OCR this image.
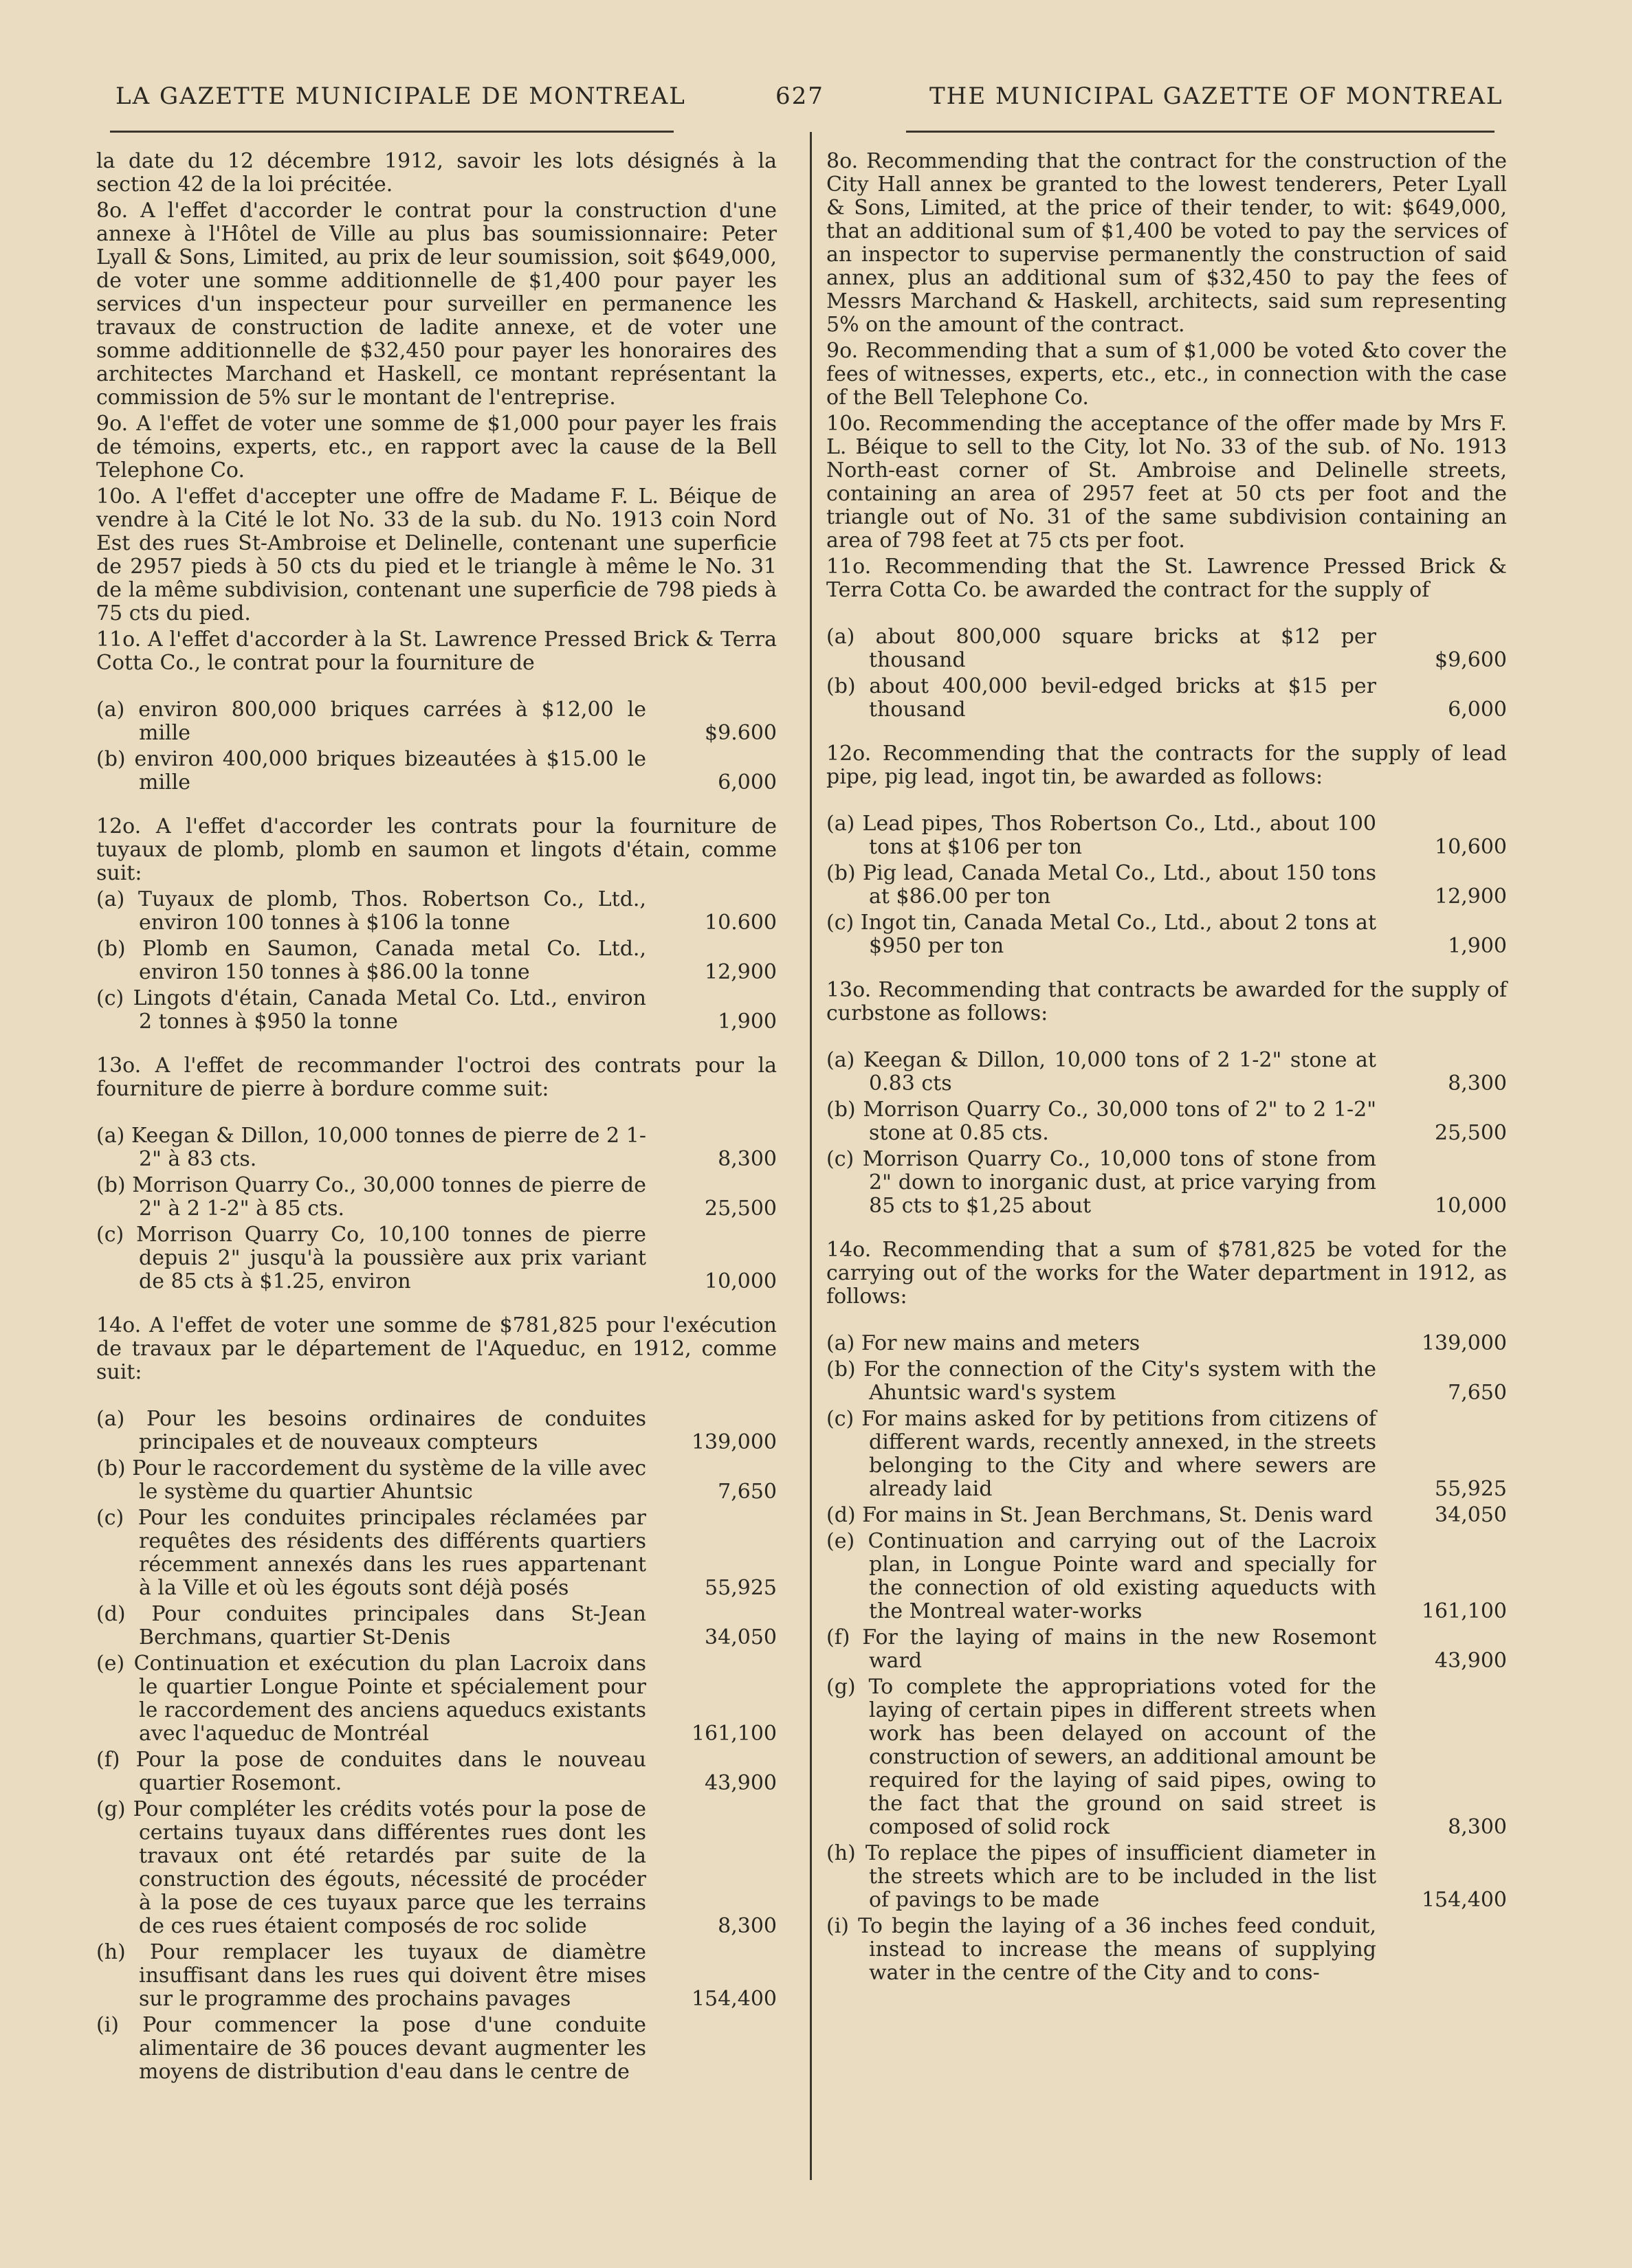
LA GAZETTE MUNICIPALE DE MONTREAL	627	THE MUNICIPAL GAZETTE OF MONTREAL

la date du 12 décembre 1912, savoir les lots désignés à la section 42 de la loi précitée.

8o. A l'effet d'accorder le contrat pour la construction d'une annexe à l'Hôtel de Ville au plus bas soumissionnaire: Peter Lyall & Sons, Limited, au prix de leur soumission, soit $649,000, de voter une somme additionnelle de $1,400 pour payer les services d'un inspecteur pour surveiller en permanence les travaux de construction de ladite annexe, et de voter une somme additionnelle de $32,450 pour payer les honoraires des architectes Marchand et Haskell, ce montant représentant la commission de 5% sur le montant de l'entreprise.

9o. A l'effet de voter une somme de $1,000 pour payer les frais de témoins, experts, etc., en rapport avec la cause de la Bell Telephone Co.

10o. A l'effet d'accepter une offre de Madame F. L. Béique de vendre à la Cité le lot No. 33 de la sub. du No. 1913 coin Nord Est des rues St-Ambroise et Delinelle, contenant une superficie de 2957 pieds à 50 cts du pied et le triangle à même le No. 31 de la même subdivision, contenant une superficie de 798 pieds à 75 cts du pied.

11o. A l'effet d'accorder à la St. Lawrence Pressed Brick & Terra Cotta Co., le contrat pour la fourniture de

(a) environ 800,000 briques carrées à $12,00 le mille	$9.600
(b) environ 400,000 briques bizeautées à $15.00 le mille	6,000

12o. A l'effet d'accorder les contrats pour la fourniture de tuyaux de plomb, plomb en saumon et lingots d'étain, comme suit:

(a) Tuyaux de plomb, Thos. Robertson Co., Ltd., environ 100 tonnes à $106 la tonne	10.600
(b) Plomb en Saumon, Canada metal Co. Ltd., environ 150 tonnes à $86.00 la tonne	12,900
(c) Lingots d'étain, Canada Metal Co. Ltd., environ 2 tonnes à $950 la tonne	1,900

13o. A l'effet de recommander l'octroi des contrats pour la fourniture de pierre à bordure comme suit:

(a) Keegan & Dillon, 10,000 tonnes de pierre de 2 1-2" à 83 cts.	8,300
(b) Morrison Quarry Co., 30,000 tonnes de pierre de 2" à 2 1-2" à 85 cts.	25,500
(c) Morrison Quarry Co, 10,100 tonnes de pierre depuis 2" jusqu'à la poussière aux prix variant de 85 cts à $1.25, environ	10,000

14o. A l'effet de voter une somme de $781,825 pour l'exécution de travaux par le département de l'Aqueduc, en 1912, comme suit:

(a) Pour les besoins ordinaires de conduites principales et de nouveaux compteurs	139,000
(b) Pour le raccordement du système de la ville avec le système du quartier Ahuntsic	7,650
(c) Pour les conduites principales réclamées par requêtes des résidents des différents quartiers récemment annexés dans les rues appartenant à la Ville et où les égouts sont déjà posés	55,925
(d) Pour conduites principales dans St-Jean Berchmans, quartier St-Denis	34,050
(e) Continuation et exécution du plan Lacroix dans le quartier Longue Pointe et spécialement pour le raccordement des anciens aqueducs existants avec l'aqueduc de Montréal	161,100
(f) Pour la pose de conduites dans le nouveau quartier Rosemont.	43,900
(g) Pour compléter les crédits votés pour la pose de certains tuyaux dans différentes rues dont les travaux ont été retardés par suite de la construction des égouts, nécessité de procéder à la pose de ces tuyaux parce que les terrains de ces rues étaient composés de roc solide	8,300
(h) Pour remplacer les tuyaux de diamètre insuffisant dans les rues qui doivent être mises sur le programme des prochains pavages	154,400
(i) Pour commencer la pose d'une conduite alimentaire de 36 pouces devant augmenter les moyens de distribution d'eau dans le centre de

8o. Recommending that the contract for the construction of the City Hall annex be granted to the lowest tenderers, Peter Lyall & Sons, Limited, at the price of their tender, to wit: $649,000, that an additional sum of $1,400 be voted to pay the services of an inspector to supervise permanently the construction of said annex, plus an additional sum of $32,450 to pay the fees of Messrs Marchand & Haskell, architects, said sum representing 5% on the amount of the contract.

9o. Recommending that a sum of $1,000 be voted &to cover the fees of witnesses, experts, etc., etc., in connection with the case of the Bell Telephone Co.

10o. Recommending the acceptance of the offer made by Mrs F. L. Béique to sell to the City, lot No. 33 of the sub. of No. 1913 North-east corner of St. Ambroise and Delinelle streets, containing an area of 2957 feet at 50 cts per foot and the triangle out of No. 31 of the same subdivision containing an area of 798 feet at 75 cts per foot.

11o. Recommending that the St. Lawrence Pressed Brick & Terra Cotta Co. be awarded the contract for the supply of

(a) about 800,000 square bricks at $12 per thousand	$9,600
(b) about 400,000 bevil-edged bricks at $15 per thousand	6,000

12o. Recommending that the contracts for the supply of lead pipe, pig lead, ingot tin, be awarded as follows:

(a) Lead pipes, Thos Robertson Co., Ltd., about 100 tons at $106 per ton	10,600
(b) Pig lead, Canada Metal Co., Ltd., about 150 tons at $86.00 per ton	12,900
(c) Ingot tin, Canada Metal Co., Ltd., about 2 tons at $950 per ton	1,900

13o. Recommending that contracts be awarded for the supply of curbstone as follows:

(a) Keegan & Dillon, 10,000 tons of 2 1-2" stone at 0.83 cts	8,300
(b) Morrison Quarry Co., 30,000 tons of 2" to 2 1-2" stone at 0.85 cts.	25,500
(c) Morrison Quarry Co., 10,000 tons of stone from 2" down to inorganic dust, at price varying from 85 cts to $1,25 about	10,000

14o. Recommending that a sum of $781,825 be voted for the carrying out of the works for the Water department in 1912, as follows:

(a) For new mains and meters	139,000
(b) For the connection of the City's system with the Ahuntsic ward's system	7,650
(c) For mains asked for by petitions from citizens of different wards, recently annexed, in the streets belonging to the City and where sewers are already laid	55,925
(d) For mains in St. Jean Berchmans, St. Denis ward	34,050
(e) Continuation and carrying out of the Lacroix plan, in Longue Pointe ward and specially for the connection of old existing aqueducts with the Montreal water-works	161,100
(f) For the laying of mains in the new Rosemont ward	43,900
(g) To complete the appropriations voted for the laying of certain pipes in different streets when work has been delayed on account of the construction of sewers, an additional amount be required for the laying of said pipes, owing to the fact that the ground on said street is composed of solid rock	8,300
(h) To replace the pipes of insufficient diameter in the streets which are to be included in the list of pavings to be made	154,400
(i) To begin the laying of a 36 inches feed conduit, instead to increase the means of supplying water in the centre of the City and to cons-
